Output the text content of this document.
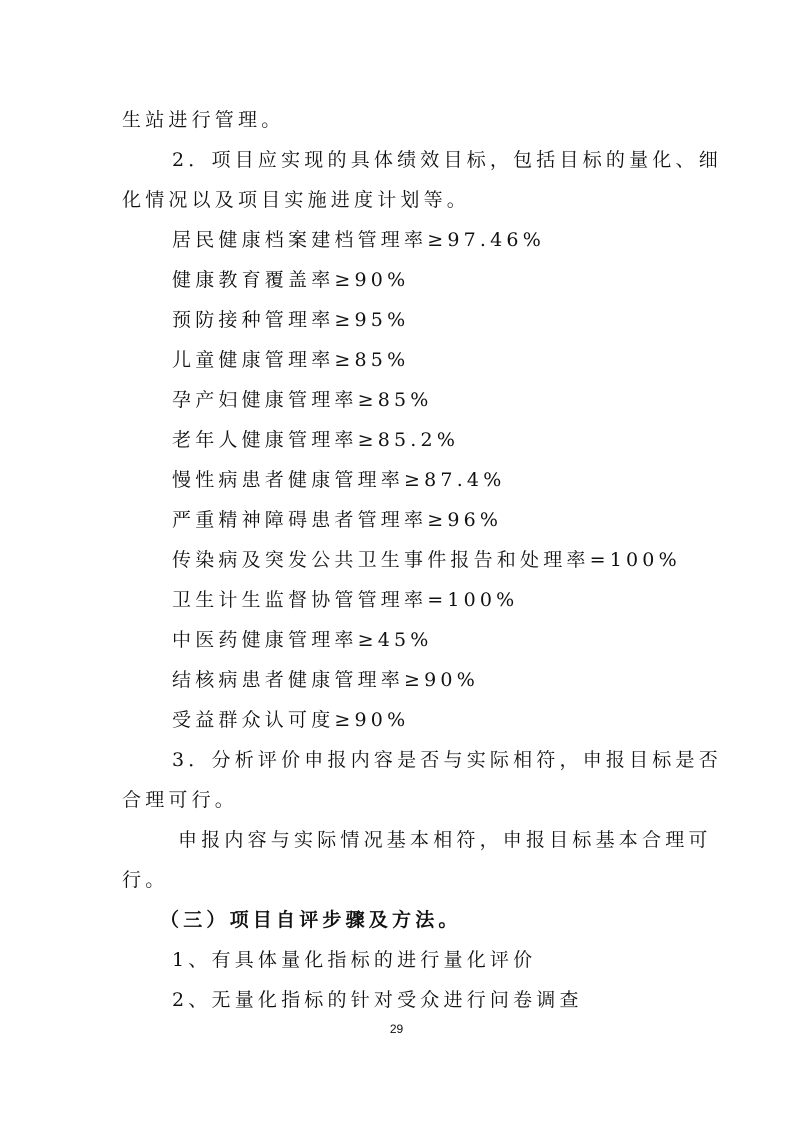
生站进行管理。

2．项目应实现的具体绩效目标，包括目标的量化、细

化情况以及项目实施进度计划等。

居民健康档案建档管理率≥97.46%

健康教育覆盖率≥90%

预防接种管理率≥95%

儿童健康管理率≥85%

孕产妇健康管理率≥85%

老年人健康管理率≥85.2%

慢性病患者健康管理率≥87.4%

严重精神障碍患者管理率≥96%

传染病及突发公共卫生事件报告和处理率=100%

卫生计生监督协管管理率=100%

中医药健康管理率≥45%

结核病患者健康管理率≥90%

受益群众认可度≥90%

3．分析评价申报内容是否与实际相符，申报目标是否

合理可行。

申报内容与实际情况基本相符，申报目标基本合理可

行。

（三）项目自评步骤及方法。

1、有具体量化指标的进行量化评价

2、无量化指标的针对受众进行问卷调查

29
